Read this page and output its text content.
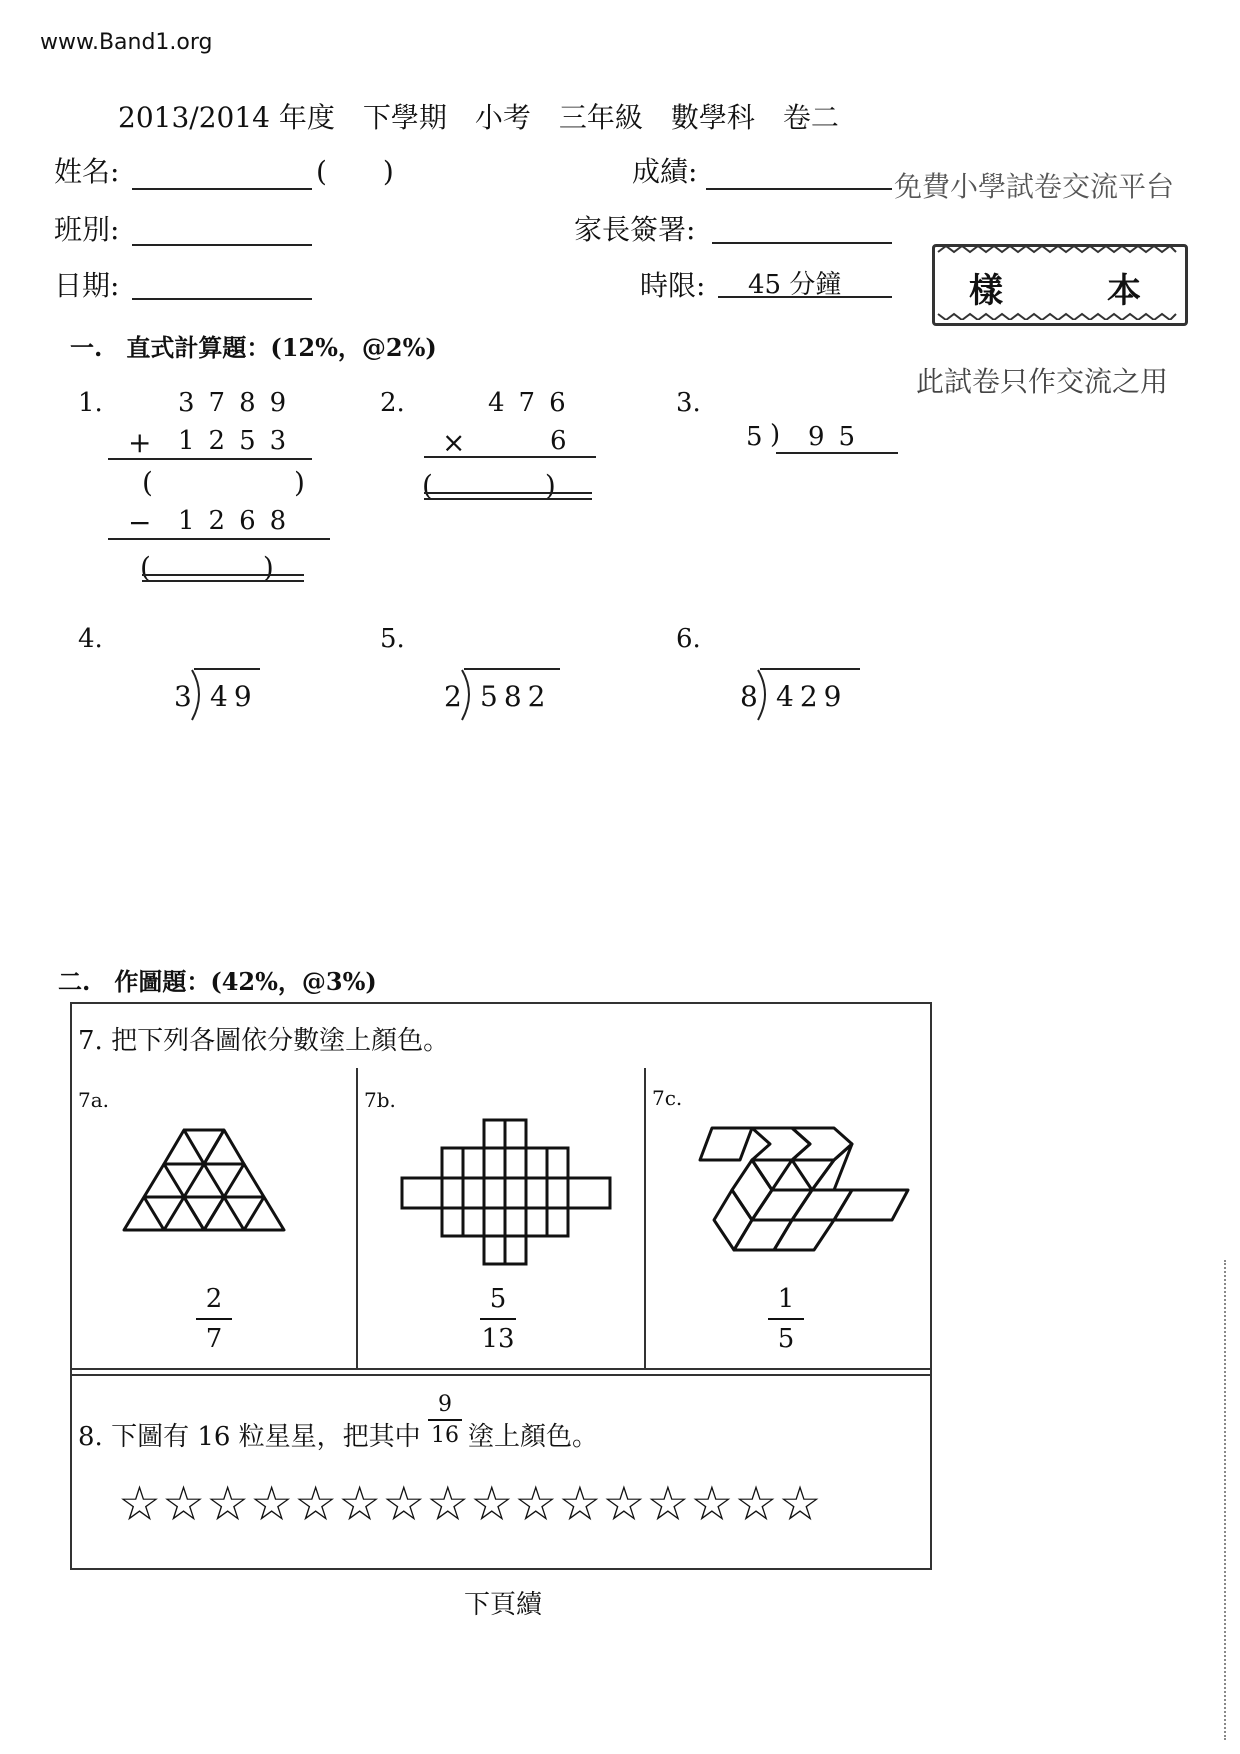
www.Band1.org
2013/2014 年度　下學期　小考　三年級　數學科　卷二
姓名:	(　　)	成績:	免費小學試卷交流平台
班別:	家長簽署:
日期:	時限: 45 分鐘	樣	本
此試卷只作交流之用
一.　直式計算題：(12%，@2%)
1.	3789
+ 1253
(	)
− 1268
(　　　　)
2.	476
×	6
(　　　　)
3.
5 ) 95
4.
3 49
5.
2 582
6.
8 429
二.　作圖題：(42%，@3%)
7. 把下列各圖依分數塗上顏色。
7a.
2
7
7b.
5
13
7c.
1
5
8. 下圖有 16 粒星星，把其中
9
16 塗上顏色。
☆☆☆☆☆☆☆☆☆☆☆☆☆☆☆☆
下頁續
